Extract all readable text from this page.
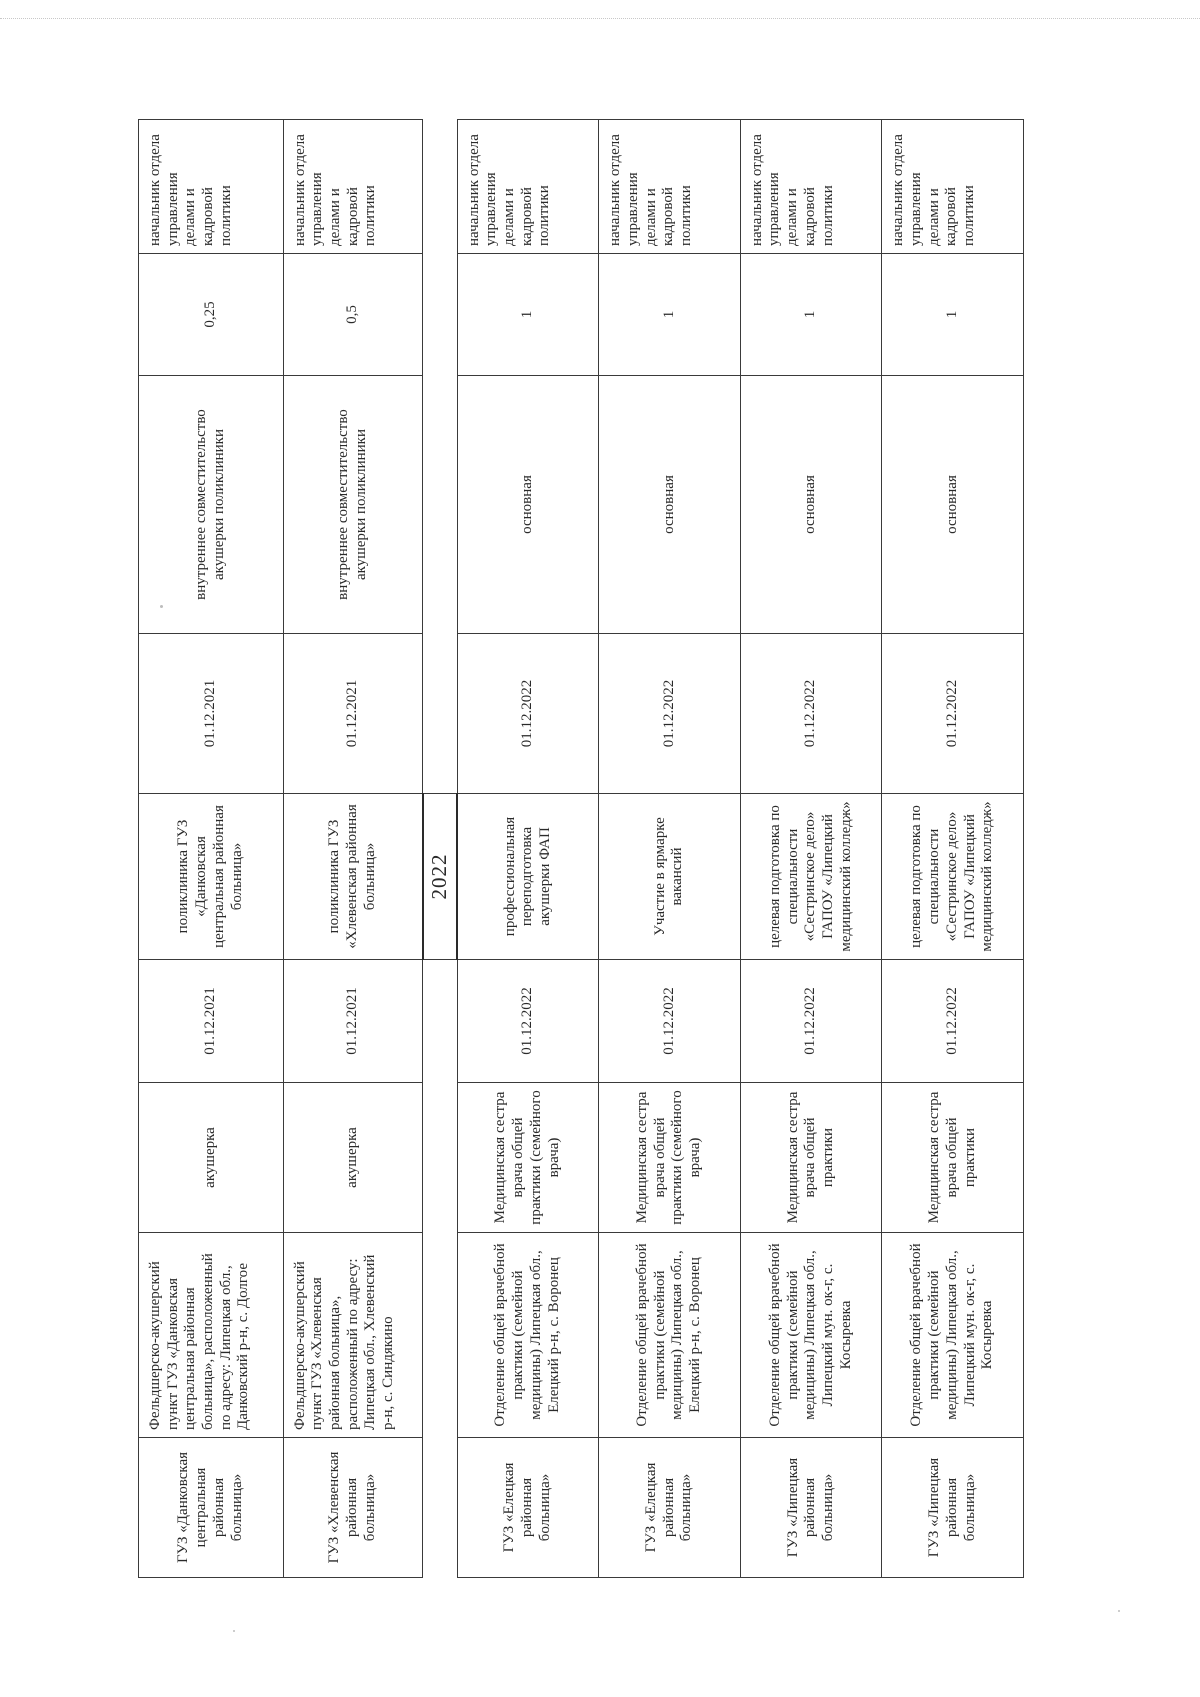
ГУЗ «Данковская центральная районная больница»	Фельдшерско-акушерский пункт ГУЗ «Данковская центральная районная больница», расположенный по адресу: Липецкая обл., Данковский р-н, с. Долгое	акушерка	01.12.2021	поликлиника ГУЗ «Данковская центральная районная больница»	01.12.2021	внутреннее совместительство акушерки поликлиники	0,25	начальник отдела управления делами и кадровой политики
ГУЗ «Хлевенская районная больница»	Фельдшерско-акушерский пункт ГУЗ «Хлевенская районная больница», расположенный по адресу: Липецкая обл., Хлевенский р-н, с. Синдякино	акушерка	01.12.2021	поликлиника ГУЗ «Хлевенская районная больница»	01.12.2021	внутреннее совместительство акушерки поликлиники	0,5	начальник отдела управления делами и кадровой политики
				2022				
ГУЗ «Елецкая районная больница»	Отделение общей врачебной практики (семейной медицины) Липецкая обл., Елецкий р-н, с. Воронец	Медицинская сестра врача общей практики (семейного врача)	01.12.2022	профессиональная переподготовка акушерки ФАП	01.12.2022	основная	1	начальник отдела управления делами и кадровой политики
ГУЗ «Елецкая районная больница»	Отделение общей врачебной практики (семейной медицины) Липецкая обл., Елецкий р-н, с. Воронец	Медицинская сестра врача общей практики (семейного врача)	01.12.2022	Участие в ярмарке вакансий	01.12.2022	основная	1	начальник отдела управления делами и кадровой политики
ГУЗ «Липецкая районная больница»	Отделение общей врачебной практики (семейной медицины) Липецкая обл., Липецкий мун. ок-г, с. Косыревка	Медицинская сестра врача общей практики	01.12.2022	целевая подготовка по специальности «Сестринское дело» ГАПОУ «Липецкий медицинский колледж»	01.12.2022	основная	1	начальник отдела управления делами и кадровой политики
ГУЗ «Липецкая районная больница»	Отделение общей врачебной практики (семейной медицины) Липецкая обл., Липецкий мун. ок-г, с. Косыревка	Медицинская сестра врача общей практики	01.12.2022	целевая подготовка по специальности «Сестринское дело» ГАПОУ «Липецкий медицинский колледж»	01.12.2022	основная	1	начальник отдела управления делами и кадровой политики
